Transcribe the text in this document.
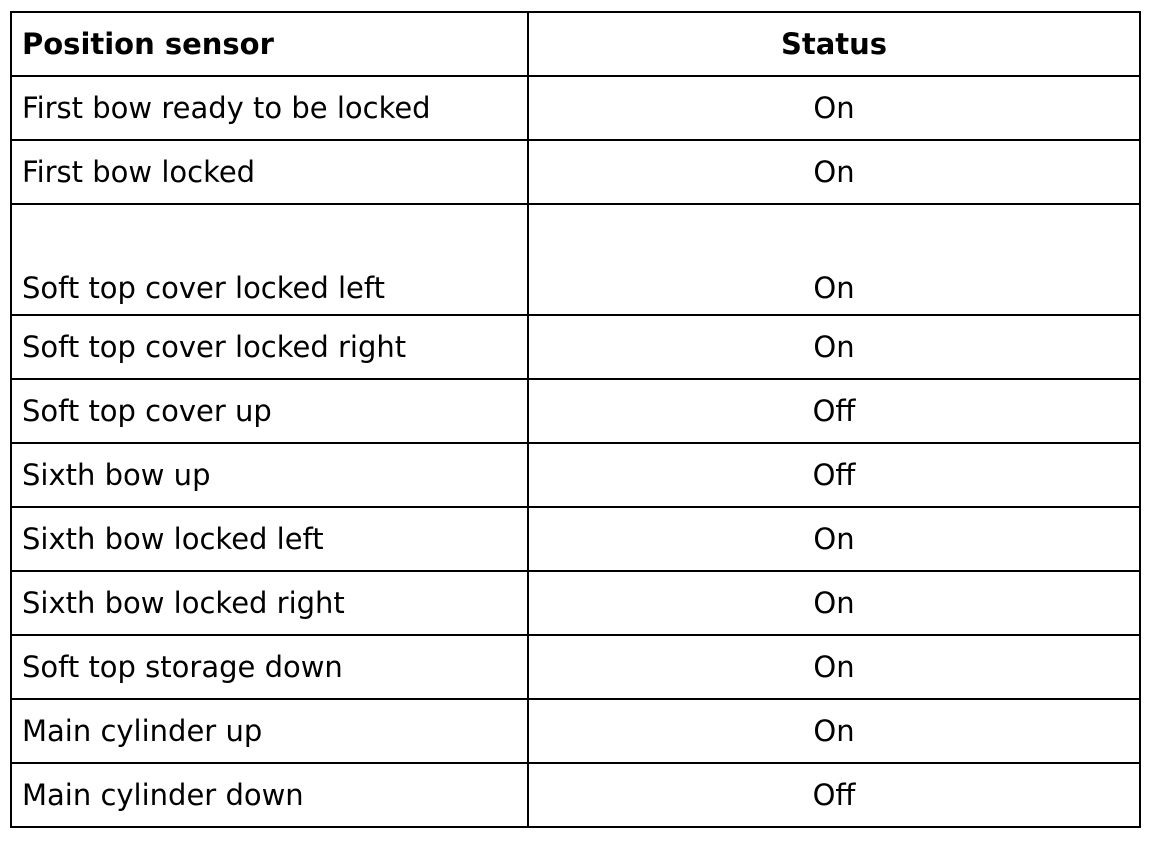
Position sensor	Status
First bow ready to be locked	On
First bow locked	On
Soft top cover locked left	On
Soft top cover locked right	On
Soft top cover up	Off
Sixth bow up	Off
Sixth bow locked left	On
Sixth bow locked right	On
Soft top storage down	On
Main cylinder up	On
Main cylinder down	Off
